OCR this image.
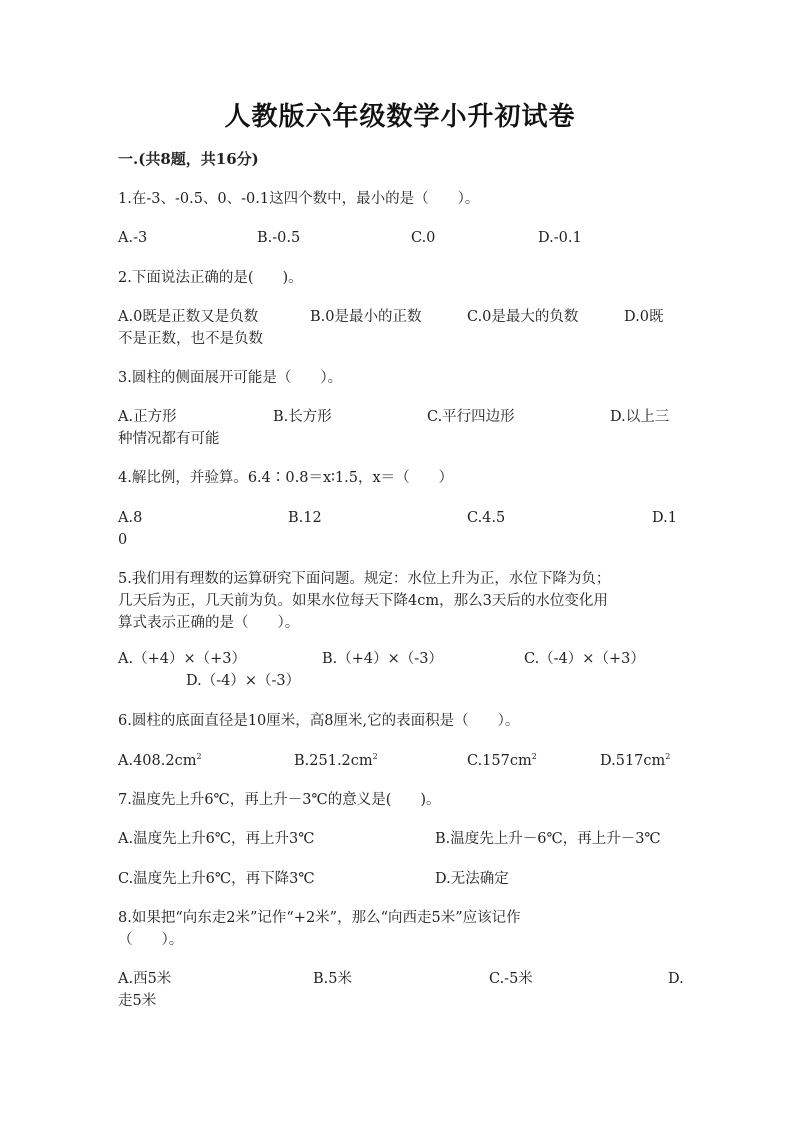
人教版六年级数学小升初试卷
一.(共8题，共16分)
1.在-3、-0.5、0、-0.1这四个数中，最小的是（　　）。
A.-3	B.-0.5	C.0	D.-0.1
2.下面说法正确的是(　　)。
A.0既是正数又是负数	B.0是最小的正数	C.0是最大的负数	D.0既
不是正数，也不是负数
3.圆柱的侧面展开可能是（　　）。
A.正方形	B.长方形	C.平行四边形	D.以上三
种情况都有可能
4.解比例，并验算。6.4∶0.8＝x∶1.5，x＝（　　）
A.8	B.12	C.4.5	D.1
0
5.我们用有理数的运算研究下面问题。规定：水位上升为正，水位下降为负；
几天后为正，几天前为负。如果水位每天下降4cm，那么3天后的水位变化用
算式表示正确的是（　　）。
A.（+4）×（+3）	B.（+4）×（-3）	C.（-4）×（+3）
D.（-4）×（-3）
6.圆柱的底面直径是10厘米，高8厘米,它的表面积是（　　）。
$A.408.2cm^2$	$B.251.2cm^2$	$C.157cm^2$	$D.517cm^2$
7.温度先上升6℃，再上升－3℃的意义是(　　)。
A.温度先上升6℃，再上升3℃	B.温度先上升－6℃，再上升－3℃
C.温度先上升6℃，再下降3℃	D.无法确定
8.如果把“向东走2米”记作“+2米”，那么“向西走5米”应该记作
（　　）。
A.西5米	B.5米	C.-5米	D.
走5米
